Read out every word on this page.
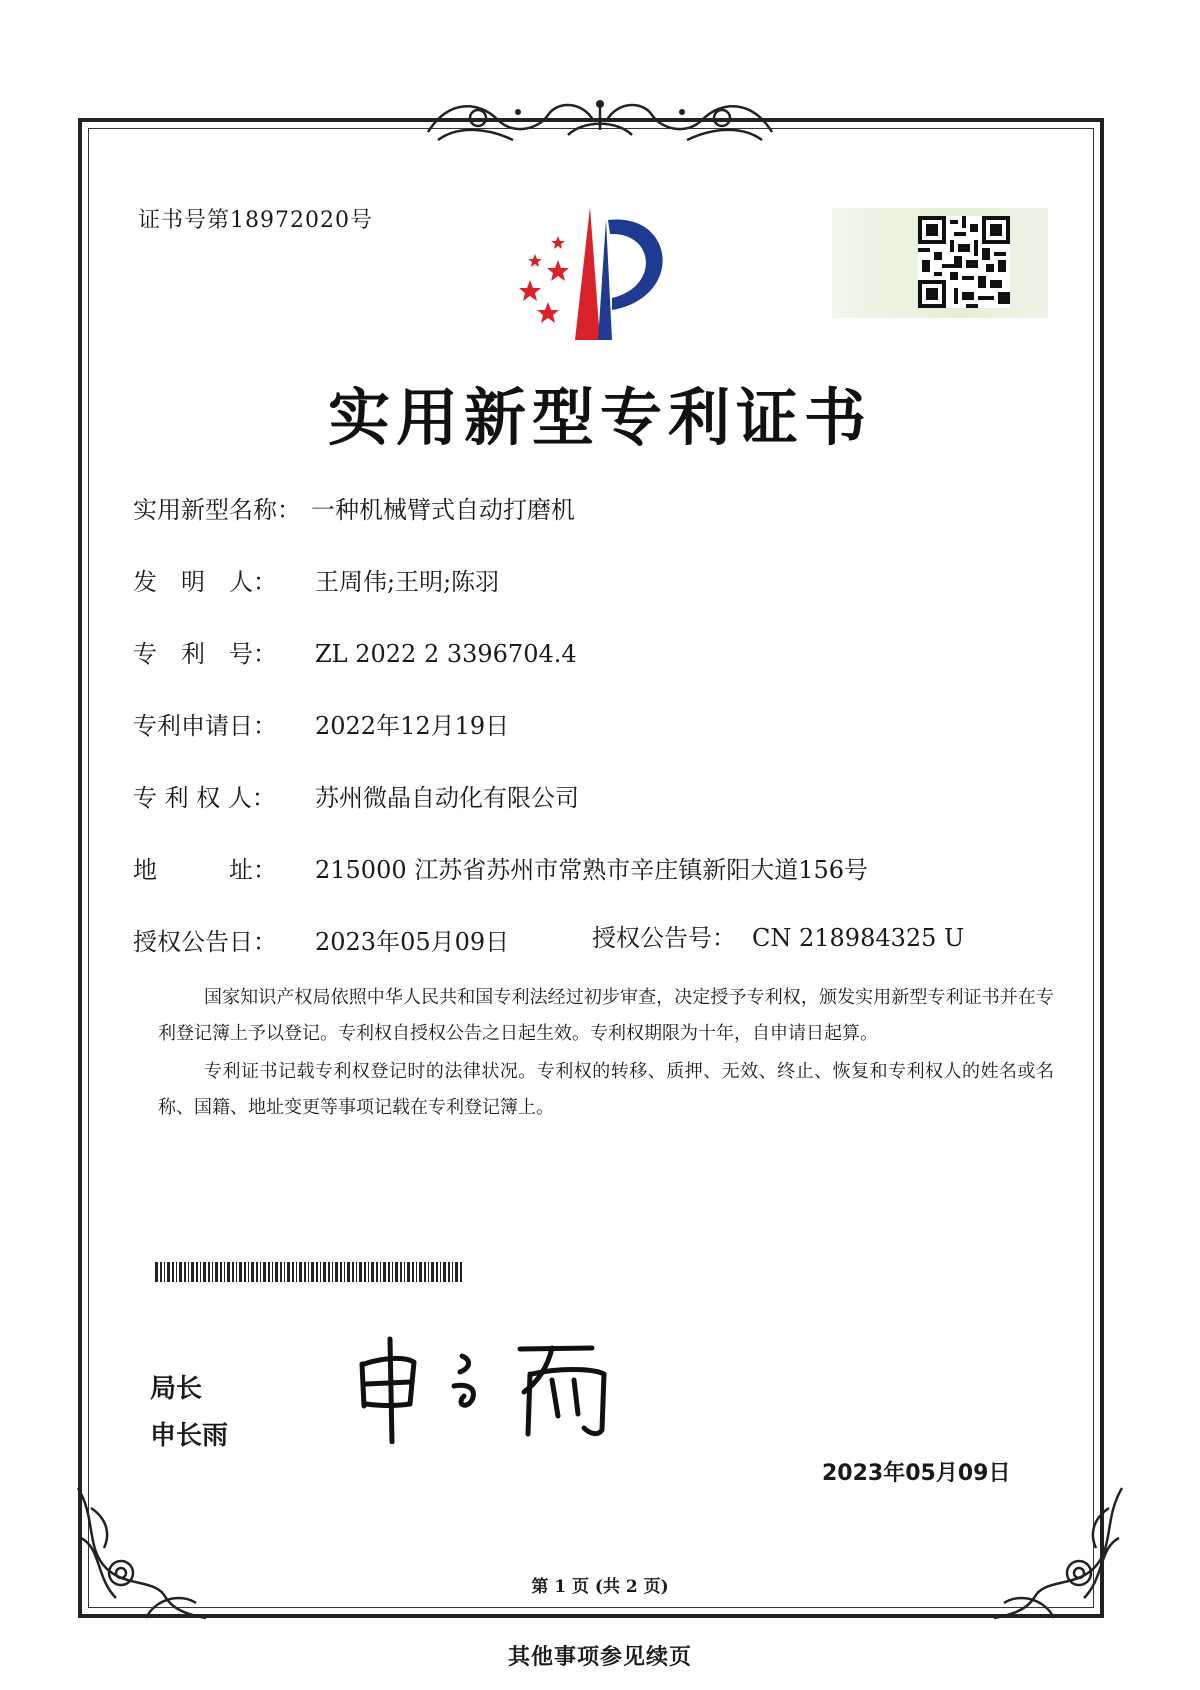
证书号第18972020号
实用新型专利证书
实用新型名称： 一种机械臂式自动打磨机
发　明　人： 王周伟;王明;陈羽
专　利　号： ZL 2022 2 3396704.4
专利申请日： 2022年12月19日
专 利 权 人： 苏州微晶自动化有限公司
地　　　址： 215000 江苏省苏州市常熟市辛庄镇新阳大道156号
授权公告日： 2023年05月09日	授权公告号： CN 218984325 U

国家知识产权局依照中华人民共和国专利法经过初步审查，决定授予专利权，颁发实用新型专利证书并在专利登记簿上予以登记。专利权自授权公告之日起生效。专利权期限为十年，自申请日起算。

专利证书记载专利权登记时的法律状况。专利权的转移、质押、无效、终止、恢复和专利权人的姓名或名称、国籍、地址变更等事项记载在专利登记簿上。

局长
申长雨
2023年05月09日
第 1 页 (共 2 页)
其他事项参见续页
